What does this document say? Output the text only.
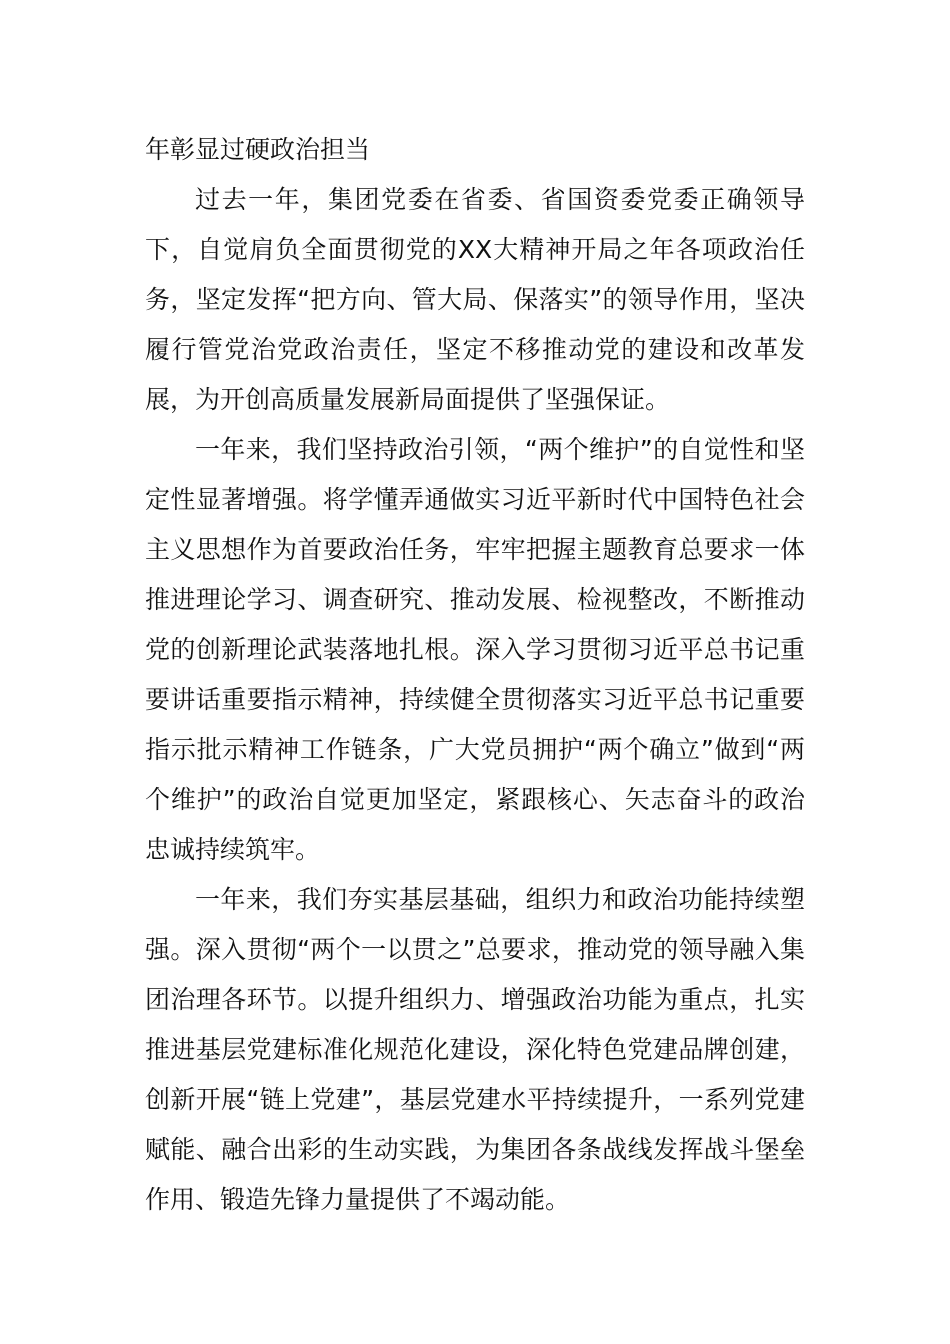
年彰显过硬政治担当

过去一年，集团党委在省委、省国资委党委正确领导下，自觉肩负全面贯彻党的XX大精神开局之年各项政治任务，坚定发挥“把方向、管大局、保落实”的领导作用，坚决履行管党治党政治责任，坚定不移推动党的建设和改革发展，为开创高质量发展新局面提供了坚强保证。

一年来，我们坚持政治引领，“两个维护”的自觉性和坚定性显著增强。将学懂弄通做实习近平新时代中国特色社会主义思想作为首要政治任务，牢牢把握主题教育总要求一体推进理论学习、调查研究、推动发展、检视整改，不断推动党的创新理论武装落地扎根。深入学习贯彻习近平总书记重要讲话重要指示精神，持续健全贯彻落实习近平总书记重要指示批示精神工作链条，广大党员拥护“两个确立”做到“两个维护”的政治自觉更加坚定，紧跟核心、矢志奋斗的政治忠诚持续筑牢。

一年来，我们夯实基层基础，组织力和政治功能持续塑强。深入贯彻“两个一以贯之”总要求，推动党的领导融入集团治理各环节。以提升组织力、增强政治功能为重点，扎实推进基层党建标准化规范化建设，深化特色党建品牌创建，创新开展“链上党建”，基层党建水平持续提升，一系列党建赋能、融合出彩的生动实践，为集团各条战线发挥战斗堡垒作用、锻造先锋力量提供了不竭动能。
